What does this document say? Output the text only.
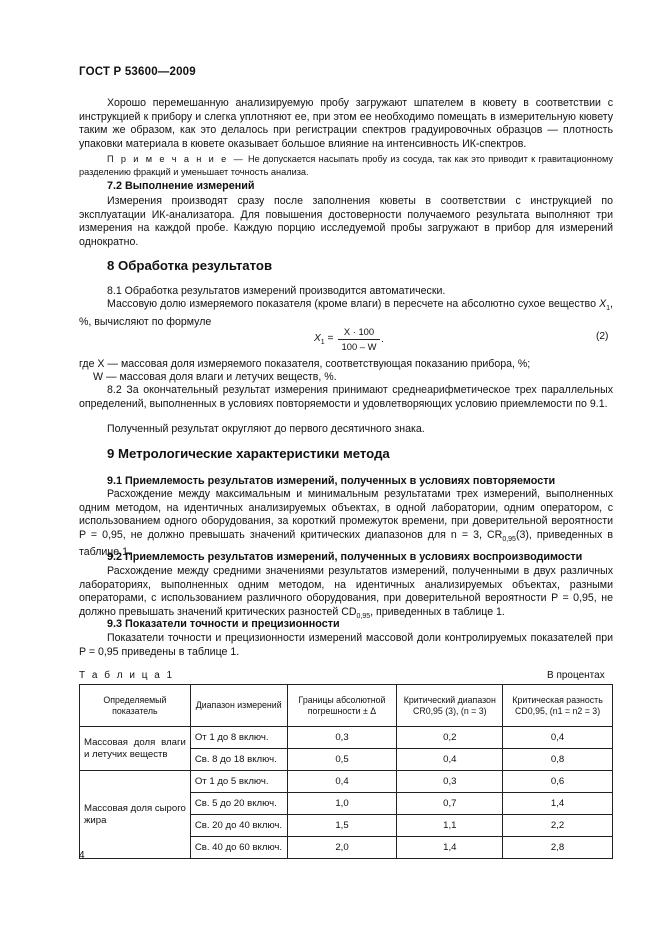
ГОСТ Р 53600—2009
Хорошо перемешанную анализируемую пробу загружают шпателем в кювету в соответствии с инструкцией к прибору и слегка уплотняют ее, при этом ее необходимо помещать в измерительную кювету таким же образом, как это делалось при регистрации спектров градуировочных образцов — плотность упаковки материала в кювете оказывает большое влияние на интенсивность ИК-спектров.
П р и м е ч а н и е — Не допускается насыпать пробу из сосуда, так как это приводит к гравитационному разделению фракций и уменьшает точность анализа.
7.2 Выполнение измерений
Измерения производят сразу после заполнения кюветы в соответствии с инструкцией по эксплуатации ИК-анализатора. Для повышения достоверности получаемого результата выполняют три измерения на каждой пробе. Каждую порцию исследуемой пробы загружают в прибор для измерений однократно.
8 Обработка результатов
8.1 Обработка результатов измерений производится автоматически.
Массовую долю измеряемого показателя (кроме влаги) в пересчете на абсолютно сухое вещество $X_1$, %, вычисляют по формуле
$X_1$ =
X · 100
100 – W
.	(2)
где X — массовая доля измеряемого показателя, соответствующая показанию прибора, %;
W — массовая доля влаги и летучих веществ, %.
8.2 За окончательный результат измерения принимают среднеарифметическое трех параллельных определений, выполненных в условиях повторяемости и удовлетворяющих условию приемлемости по 9.1.
Полученный результат округляют до первого десятичного знака.
9 Метрологические характеристики метода
9.1 Приемлемость результатов измерений, полученных в условиях повторяемости
Расхождение между максимальным и минимальным результатами трех измерений, выполненных одним методом, на идентичных анализируемых объектах, в одной лаборатории, одним оператором, с использованием одного оборудования, за короткий промежуток времени, при доверительной вероятности P = 0,95, не должно превышать значений критических диапазонов для n = 3, $CR_{0,95}(3)$, приведенных в таблице 1.
9.2 Приемлемость результатов измерений, полученных в условиях воспроизводимости
Расхождение между средними значениями результатов измерений, полученными в двух различных лабораториях, выполненных одним методом, на идентичных анализируемых объектах, разными операторами, с использованием различного оборудования, при доверительной вероятности P = 0,95, не должно превышать значений критических разностей $CD_{0,95}$, приведенных в таблице 1.
9.3 Показатели точности и прецизионности
Показатели точности и прецизионности измерений массовой доли контролируемых показателей при P = 0,95 приведены в таблице 1.
Т а б л и ц а 1	В процентах
Определяемый показатель	Диапазон измерений	Границы абсолютной погрешности ± Δ	Критический диапазон CR0,95 (3), (n = 3)	Критическая разность CD0,95, (n1 = n2 = 3)
Массовая доля влаги и летучих веществ	От 1 до 8 включ.	0,3	0,2	0,4
	Св. 8 до 18 включ.	0,5	0,4	0,8
Массовая доля сырого жира	От 1 до 5 включ.	0,4	0,3	0,6
	Св. 5 до 20 включ.	1,0	0,7	1,4
	Св. 20 до 40 включ.	1,5	1,1	2,2
	Св. 40 до 60 включ.	2,0	1,4	2,8
4
